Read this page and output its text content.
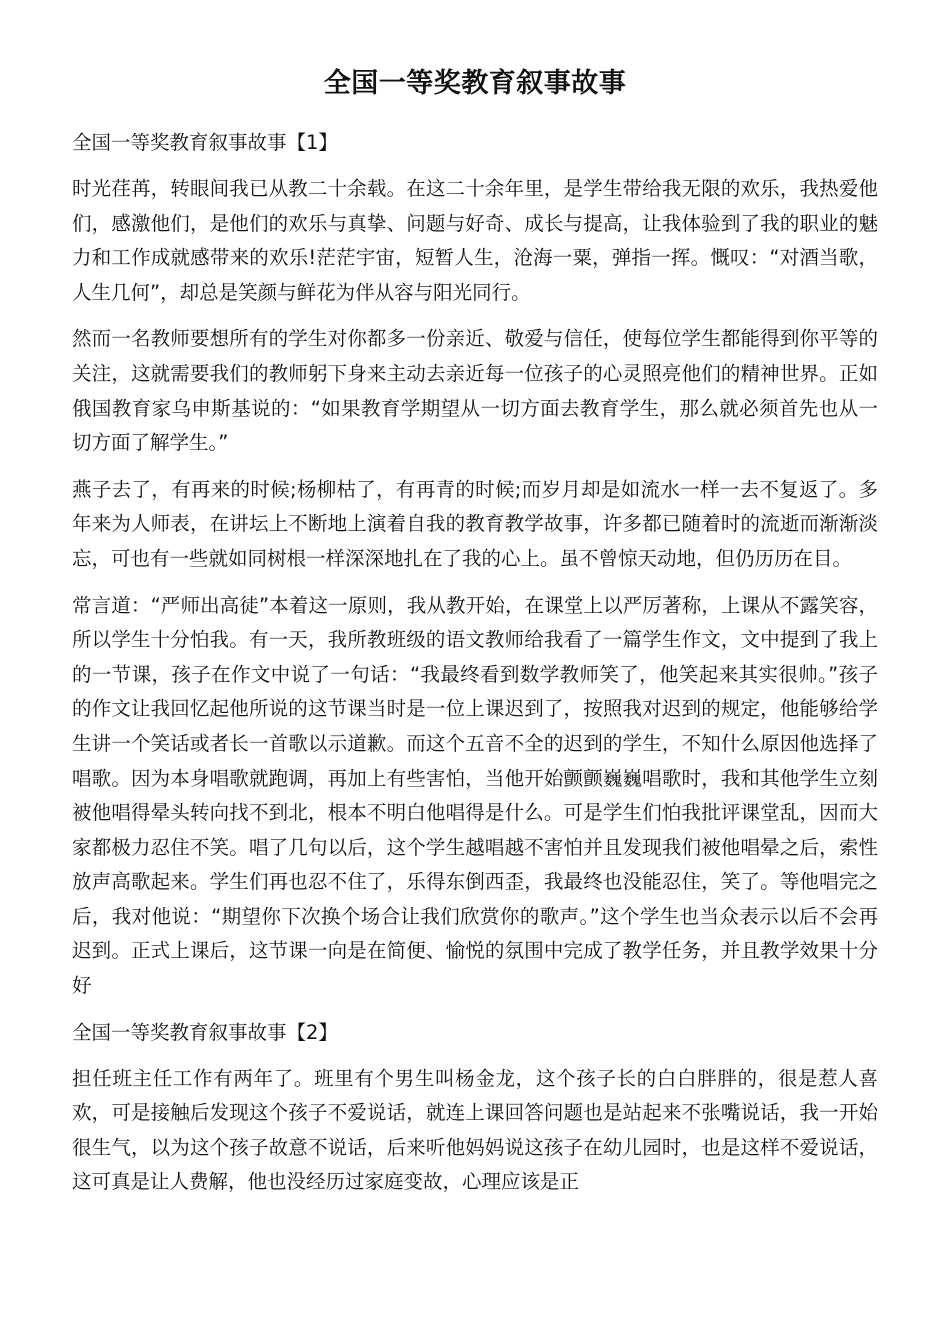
全国一等奖教育叙事故事
全国一等奖教育叙事故事【1】

时光荏苒，转眼间我已从教二十余载。在这二十余年里，是学生带给我无限的欢乐，我热爱他们，感激他们，是他们的欢乐与真挚、问题与好奇、成长与提高，让我体验到了我的职业的魅力和工作成就感带来的欢乐!茫茫宇宙，短暂人生，沧海一粟，弹指一挥。慨叹：“对酒当歌，人生几何”，却总是笑颜与鲜花为伴从容与阳光同行。

然而一名教师要想所有的学生对你都多一份亲近、敬爱与信任，使每位学生都能得到你平等的关注，这就需要我们的教师躬下身来主动去亲近每一位孩子的心灵照亮他们的精神世界。正如俄国教育家乌申斯基说的：“如果教育学期望从一切方面去教育学生，那么就必须首先也从一切方面了解学生。”

燕子去了，有再来的时候;杨柳枯了，有再青的时候;而岁月却是如流水一样一去不复返了。多年来为人师表，在讲坛上不断地上演着自我的教育教学故事，许多都已随着时的流逝而渐渐淡忘，可也有一些就如同树根一样深深地扎在了我的心上。虽不曾惊天动地，但仍历历在目。

常言道：“严师出高徒”本着这一原则，我从教开始，在课堂上以严厉著称，上课从不露笑容，所以学生十分怕我。有一天，我所教班级的语文教师给我看了一篇学生作文，文中提到了我上的一节课，孩子在作文中说了一句话：“我最终看到数学教师笑了，他笑起来其实很帅。”孩子的作文让我回忆起他所说的这节课当时是一位上课迟到了，按照我对迟到的规定，他能够给学生讲一个笑话或者长一首歌以示道歉。而这个五音不全的迟到的学生，不知什么原因他选择了唱歌。因为本身唱歌就跑调，再加上有些害怕，当他开始颤颤巍巍唱歌时，我和其他学生立刻被他唱得晕头转向找不到北，根本不明白他唱得是什么。可是学生们怕我批评课堂乱，因而大家都极力忍住不笑。唱了几句以后，这个学生越唱越不害怕并且发现我们被他唱晕之后，索性放声高歌起来。学生们再也忍不住了，乐得东倒西歪，我最终也没能忍住，笑了。等他唱完之后，我对他说：“期望你下次换个场合让我们欣赏你的歌声。”这个学生也当众表示以后不会再迟到。正式上课后，这节课一向是在简便、愉悦的氛围中完成了教学任务，并且教学效果十分好

全国一等奖教育叙事故事【2】

担任班主任工作有两年了。班里有个男生叫杨金龙，这个孩子长的白白胖胖的，很是惹人喜欢，可是接触后发现这个孩子不爱说话，就连上课回答问题也是站起来不张嘴说话，我一开始很生气，以为这个孩子故意不说话，后来听他妈妈说这孩子在幼儿园时，也是这样不爱说话，这可真是让人费解，他也没经历过家庭变故，心理应该是正
